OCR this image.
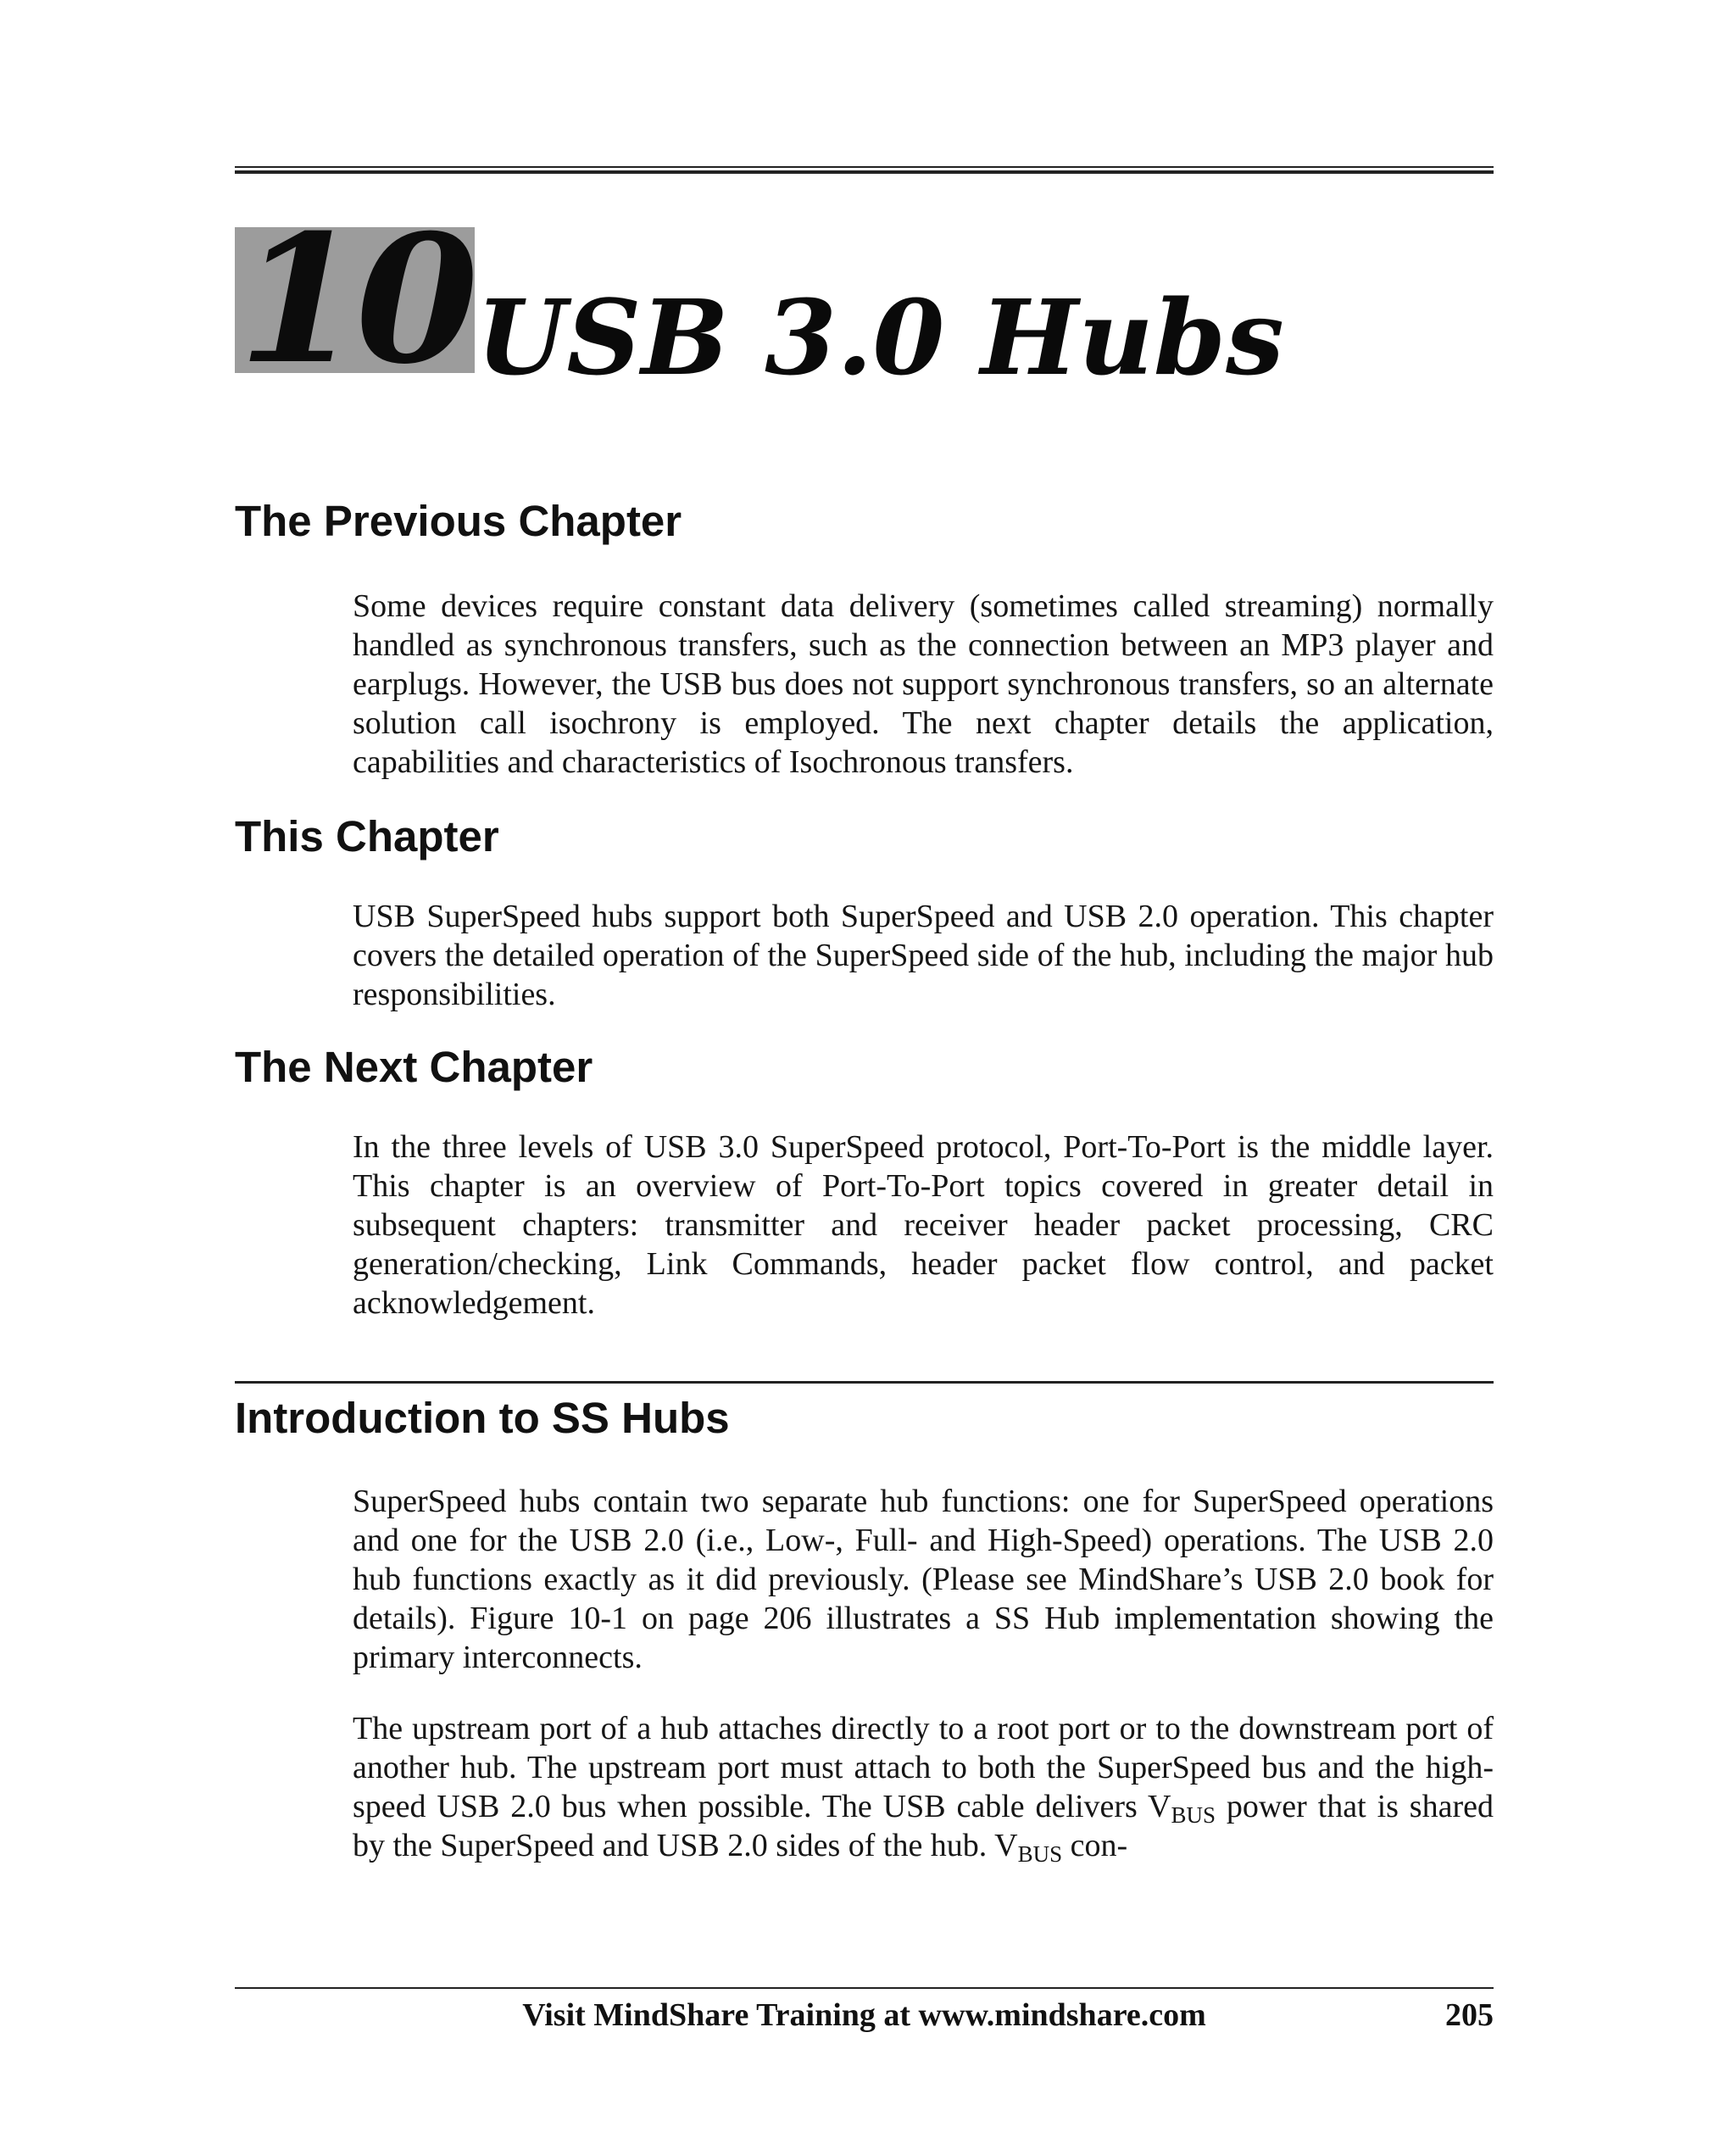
10 USB 3.0 Hubs
The Previous Chapter

Some devices require constant data delivery (sometimes called streaming) normally handled as synchronous transfers, such as the connection between an MP3 player and earplugs. However, the USB bus does not support synchronous transfers, so an alternate solution call isochrony is employed. The next chapter details the application, capabilities and characteristics of Isochronous transfers.

This Chapter

USB SuperSpeed hubs support both SuperSpeed and USB 2.0 operation. This chapter covers the detailed operation of the SuperSpeed side of the hub, including the major hub responsibilities.

The Next Chapter

In the three levels of USB 3.0 SuperSpeed protocol, Port-To-Port is the middle layer. This chapter is an overview of Port-To-Port topics covered in greater detail in subsequent chapters: transmitter and receiver header packet processing, CRC generation/checking, Link Commands, header packet flow control, and packet acknowledgement.

Introduction to SS Hubs

SuperSpeed hubs contain two separate hub functions: one for SuperSpeed operations and one for the USB 2.0 (i.e., Low-, Full- and High-Speed) operations. The USB 2.0 hub functions exactly as it did previously. (Please see MindShare’s USB 2.0 book for details). Figure 10-1 on page 206 illustrates a SS Hub implementation showing the primary interconnects.

The upstream port of a hub attaches directly to a root port or to the downstream port of another hub. The upstream port must attach to both the SuperSpeed bus and the high-speed USB 2.0 bus when possible. The USB cable delivers $V_{BUS}$ power that is shared by the SuperSpeed and USB 2.0 sides of the hub. $V_{BUS}$ con-

Visit MindShare Training at www.mindshare.com	205
